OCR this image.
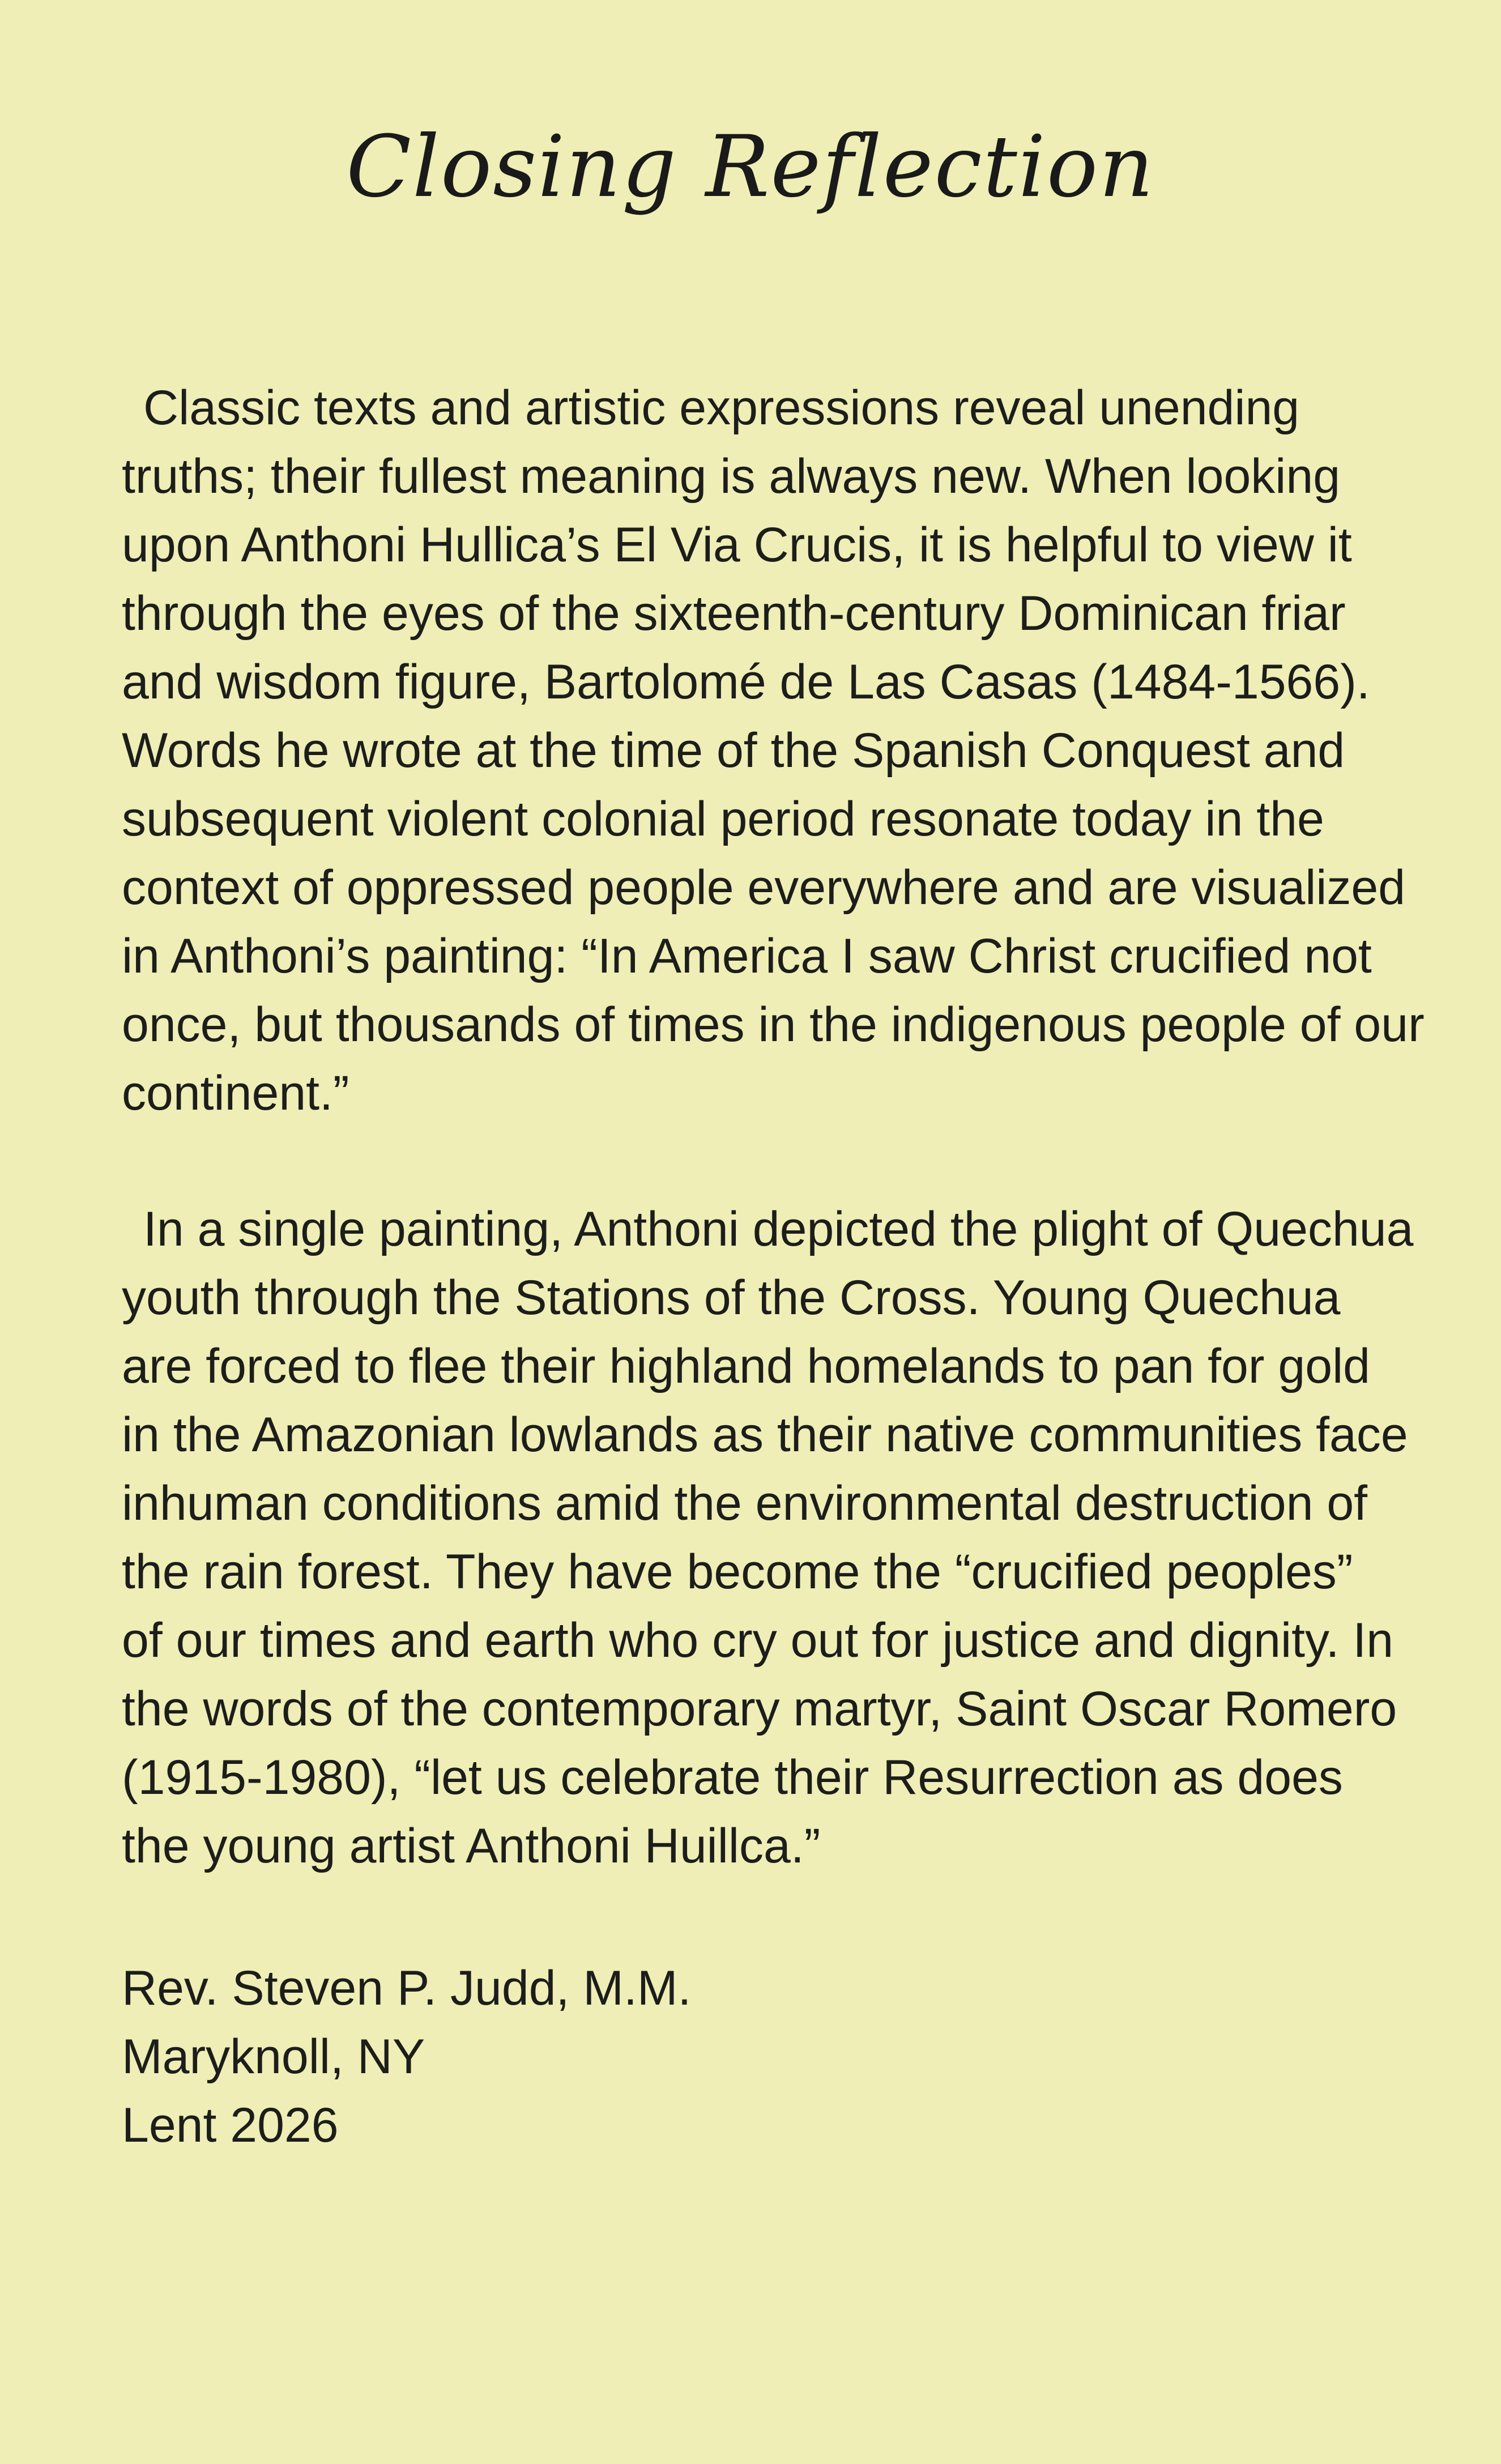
Closing Reflection

Classic texts and artistic expressions reveal unending
truths; their fullest meaning is always new. When looking
upon Anthoni Hullica’s El Via Crucis, it is helpful to view it
through the eyes of the sixteenth-century Dominican friar
and wisdom figure, Bartolomé de Las Casas (1484-1566).
Words he wrote at the time of the Spanish Conquest and
subsequent violent colonial period resonate today in the
context of oppressed people everywhere and are visualized
in Anthoni’s painting: “In America I saw Christ crucified not
once, but thousands of times in the indigenous people of our
continent.”

In a single painting, Anthoni depicted the plight of Quechua
youth through the Stations of the Cross. Young Quechua
are forced to flee their highland homelands to pan for gold
in the Amazonian lowlands as their native communities face
inhuman conditions amid the environmental destruction of
the rain forest. They have become the “crucified peoples”
of our times and earth who cry out for justice and dignity. In
the words of the contemporary martyr, Saint Oscar Romero
(1915-1980), “let us celebrate their Resurrection as does
the young artist Anthoni Huillca.”

Rev. Steven P. Judd, M.M.
Maryknoll, NY
Lent 2026
